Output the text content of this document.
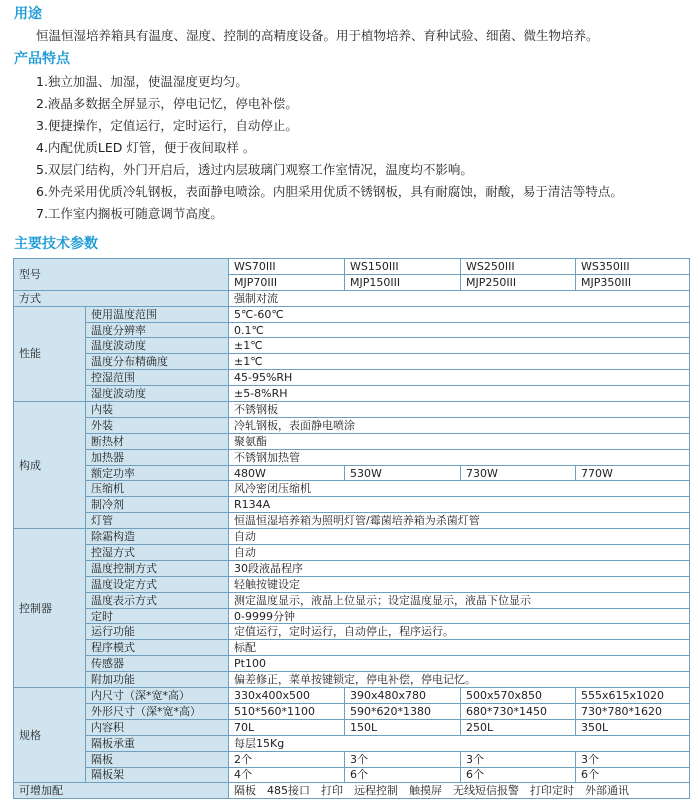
用途

恒温恒湿培养箱具有温度、湿度、控制的高精度设备。用于植物培养、育种试验、细菌、微生物培养。

产品特点

1.独立加温、加湿，使温湿度更均匀。

2.液晶多数据全屏显示，停电记忆，停电补偿。

3.便捷操作，定值运行，定时运行，自动停止。

4.内配优质LED 灯管，便于夜间取样 。

5.双层门结构，外门开启后，透过内层玻璃门观察工作室情况，温度均不影响。

6.外壳采用优质冷轧钢板，表面静电喷涂。内胆采用优质不锈钢板，具有耐腐蚀，耐酸，易于清洁等特点。

7.工作室内搁板可随意调节高度。

主要技术参数
型号		WS70III	WS150III	WS250III	WS350III
		MJP70III	MJP150III	MJP250III	MJP350III
方式		强制对流			
性能	使用温度范围	5℃-60℃			
	温度分辨率	0.1℃			
	温度波动度	±1℃			
	温度分布精确度	±1℃			
	控湿范围	45-95%RH			
	湿度波动度	±5-8%RH			
构成	内装	不锈钢板			
	外装	冷轧钢板，表面静电喷涂			
	断热材	聚氨酯			
	加热器	不锈钢加热管			
	额定功率	480W	530W	730W	770W
	压缩机	风冷密闭压缩机			
	制冷剂	R134A			
	灯管	恒温恒湿培养箱为照明灯管/霉菌培养箱为杀菌灯管			
控制器	除霜构造	自动			
	控湿方式	自动			
	温度控制方式	30段液晶程序			
	温度设定方式	轻触按键设定			
	温度表示方式	测定温度显示，液晶上位显示；设定温度显示，液晶下位显示			
	定时	0-9999分钟			
	运行功能	定值运行，定时运行，自动停止，程序运行。			
	程序模式	标配			
	传感器	Pt100			
	附加功能	偏差修正，菜单按键锁定，停电补偿，停电记忆。			
规格	内尺寸（深*宽*高）	330x400x500	390x480x780	500x570x850	555x615x1020
	外形尺寸（深*宽*高）	510*560*1100	590*620*1380	680*730*1450	730*780*1620
	内容积	70L	150L	250L	350L
	隔板承重	每层15Kg			
	隔板	2个	3个	3个	3个
	隔板架	4个	6个	6个	6个
可增加配		隔板　485接口　打印　远程控制　触摸屏　无线短信报警　打印定时　外部通讯			
